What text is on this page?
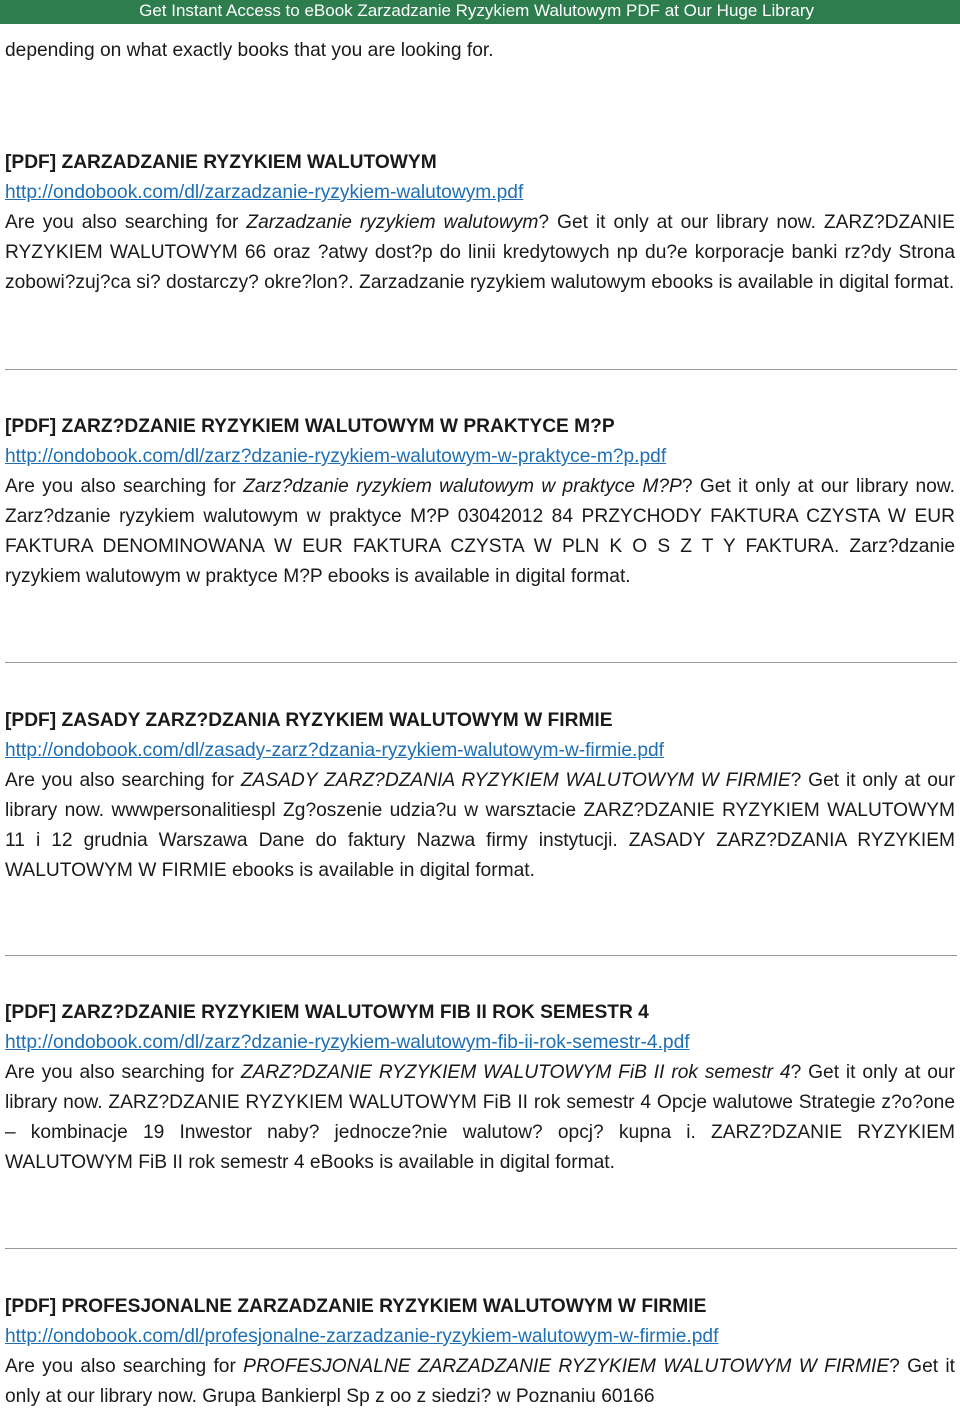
Get Instant Access to eBook Zarzadzanie Ryzykiem Walutowym PDF at Our Huge Library

depending on what exactly books that you are looking for.

[PDF] ZARZADZANIE RYZYKIEM WALUTOWYM
http://ondobook.com/dl/zarzadzanie-ryzykiem-walutowym.pdf

Are you also searching for Zarzadzanie ryzykiem walutowym? Get it only at our library now. ZARZ?DZANIE RYZYKIEM WALUTOWYM 66 oraz ?atwy dost?p do linii kredytowych np du?e korporacje banki rz?dy Strona zobowi?zuj?ca si? dostarczy? okre?lon?. Zarzadzanie ryzykiem walutowym ebooks is available in digital format.

[PDF] ZARZ?DZANIE RYZYKIEM WALUTOWYM W PRAKTYCE M?P
http://ondobook.com/dl/zarz?dzanie-ryzykiem-walutowym-w-praktyce-m?p.pdf

Are you also searching for Zarz?dzanie ryzykiem walutowym w praktyce M?P? Get it only at our library now. Zarz?dzanie ryzykiem walutowym w praktyce M?P 03042012 84 PRZYCHODY FAKTURA CZYSTA W EUR FAKTURA DENOMINOWANA W EUR FAKTURA CZYSTA W PLN K O S Z T Y FAKTURA. Zarz?dzanie ryzykiem walutowym w praktyce M?P ebooks is available in digital format.

[PDF] ZASADY ZARZ?DZANIA RYZYKIEM WALUTOWYM W FIRMIE
http://ondobook.com/dl/zasady-zarz?dzania-ryzykiem-walutowym-w-firmie.pdf

Are you also searching for ZASADY ZARZ?DZANIA RYZYKIEM WALUTOWYM W FIRMIE? Get it only at our library now. wwwpersonalitiespl Zg?oszenie udzia?u w warsztacie ZARZ?DZANIE RYZYKIEM WALUTOWYM 11 i 12 grudnia Warszawa Dane do faktury Nazwa firmy instytucji. ZASADY ZARZ?DZANIA RYZYKIEM WALUTOWYM W FIRMIE ebooks is available in digital format.

[PDF] ZARZ?DZANIE RYZYKIEM WALUTOWYM FIB II ROK SEMESTR 4
http://ondobook.com/dl/zarz?dzanie-ryzykiem-walutowym-fib-ii-rok-semestr-4.pdf

Are you also searching for ZARZ?DZANIE RYZYKIEM WALUTOWYM FiB II rok semestr 4? Get it only at our library now. ZARZ?DZANIE RYZYKIEM WALUTOWYM FiB II rok semestr 4 Opcje walutowe Strategie z?o?one – kombinacje 19 Inwestor naby? jednocze?nie walutow? opcj? kupna i. ZARZ?DZANIE RYZYKIEM WALUTOWYM FiB II rok semestr 4 eBooks is available in digital format.

[PDF] PROFESJONALNE ZARZADZANIE RYZYKIEM WALUTOWYM W FIRMIE
http://ondobook.com/dl/profesjonalne-zarzadzanie-ryzykiem-walutowym-w-firmie.pdf

Are you also searching for PROFESJONALNE ZARZADZANIE RYZYKIEM WALUTOWYM W FIRMIE? Get it only at our library now. Grupa Bankierpl Sp z oo z siedzi? w Poznaniu 60166
